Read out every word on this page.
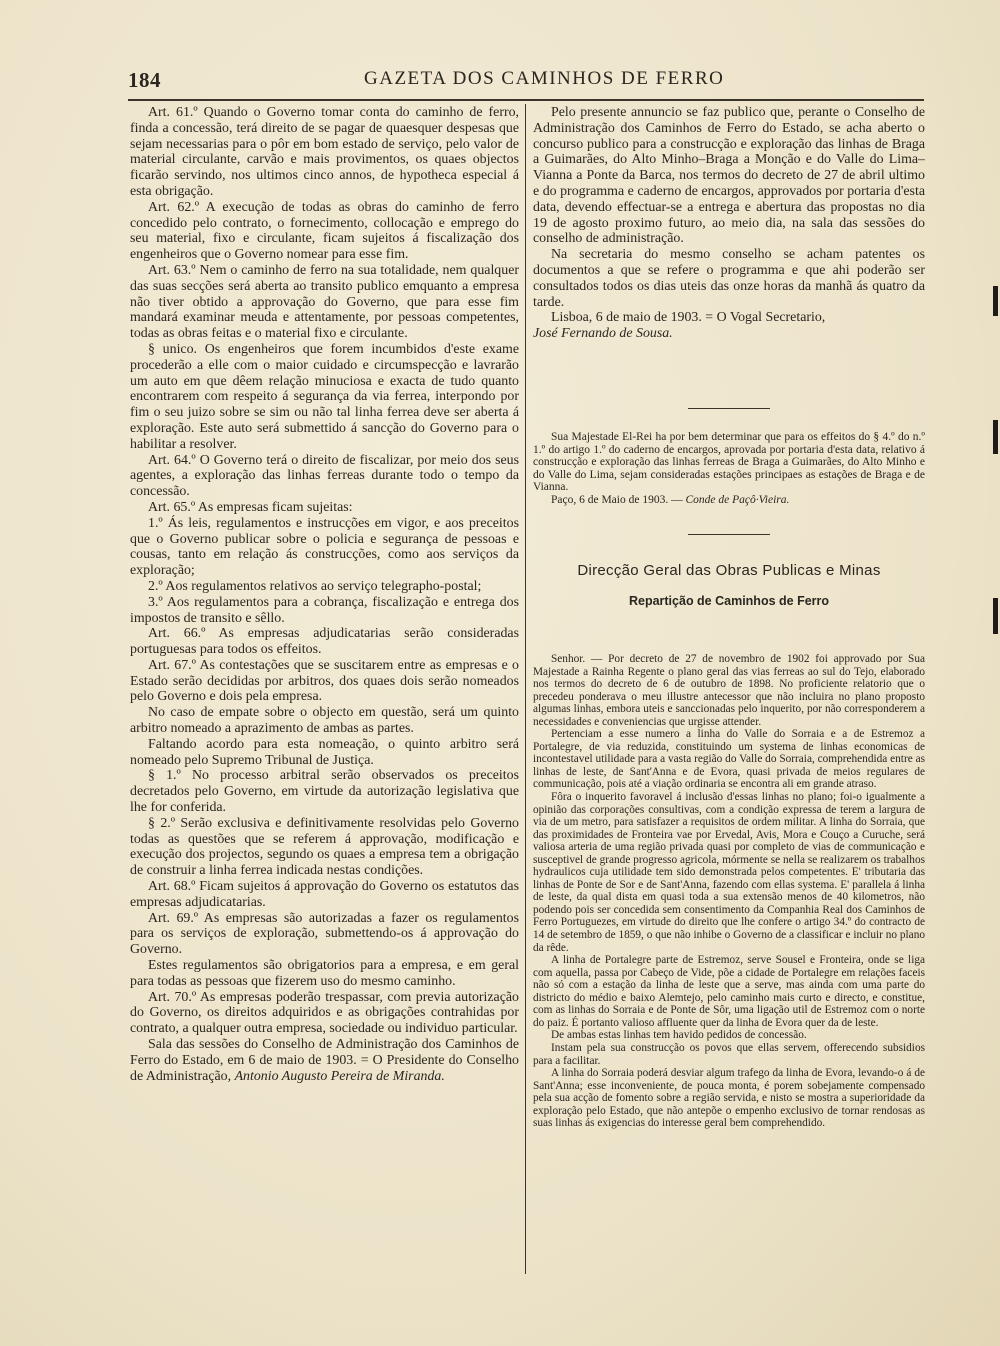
184	GAZETA DOS CAMINHOS DE FERRO

Art. 61.º Quando o Governo tomar conta do caminho de ferro, finda a concessão, terá direito de se pagar de quaesquer despesas que sejam necessarias para o pôr em bom estado de serviço, pelo valor de material circulante, carvão e mais provimentos, os quaes objectos ficarão servindo, nos ultimos cinco annos, de hypotheca especial á esta obrigação.

Art. 62.º A execução de todas as obras do caminho de ferro concedido pelo contrato, o fornecimento, collocação e emprego do seu material, fixo e circulante, ficam sujeitos á fiscalização dos engenheiros que o Governo nomear para esse fim.

Art. 63.º Nem o caminho de ferro na sua totalidade, nem qualquer das suas secções será aberta ao transito publico emquanto a empresa não tiver obtido a approvação do Governo, que para esse fim mandará examinar meuda e attentamente, por pessoas competentes, todas as obras feitas e o material fixo e circulante.

§ unico. Os engenheiros que forem incumbidos d'este exame procederão a elle com o maior cuidado e circumspecção e lavrarão um auto em que dêem relação minuciosa e exacta de tudo quanto encontrarem com respeito á segurança da via ferrea, interpondo por fim o seu juizo sobre se sim ou não tal linha ferrea deve ser aberta á exploração. Este auto será submettido á sancção do Governo para o habilitar a resolver.

Art. 64.º O Governo terá o direito de fiscalizar, por meio dos seus agentes, a exploração das linhas ferreas durante todo o tempo da concessão.

Art. 65.º As empresas ficam sujeitas:

1.º Ás leis, regulamentos e instrucções em vigor, e aos preceitos que o Governo publicar sobre o policia e segurança de pessoas e cousas, tanto em relação ás construcções, como aos serviços da exploração;

2.º Aos regulamentos relativos ao serviço telegrapho-postal;

3.º Aos regulamentos para a cobrança, fiscalização e entrega dos impostos de transito e sêllo.

Art. 66.º As empresas adjudicatarias serão consideradas portuguesas para todos os effeitos.

Art. 67.º As contestações que se suscitarem entre as empresas e o Estado serão decididas por arbitros, dos quaes dois serão nomeados pelo Governo e dois pela empresa.

No caso de empate sobre o objecto em questão, será um quinto arbitro nomeado a aprazimento de ambas as partes.

Faltando acordo para esta nomeação, o quinto arbitro será nomeado pelo Supremo Tribunal de Justiça.

§ 1.º No processo arbitral serão observados os preceitos decretados pelo Governo, em virtude da autorização legislativa que lhe for conferida.

§ 2.º Serão exclusiva e definitivamente resolvidas pelo Governo todas as questões que se referem á approvação, modificação e execução dos projectos, segundo os quaes a empresa tem a obrigação de construir a linha ferrea indicada nestas condições.

Art. 68.º Ficam sujeitos á approvação do Governo os estatutos das empresas adjudicatarias.

Art. 69.º As empresas são autorizadas a fazer os regulamentos para os serviços de exploração, submettendo-os á approvação do Governo.

Estes regulamentos são obrigatorios para a empresa, e em geral para todas as pessoas que fizerem uso do mesmo caminho.

Art. 70.º As empresas poderão trespassar, com previa autorização do Governo, os direitos adquiridos e as obrigações contrahidas por contrato, a qualquer outra empresa, sociedade ou individuo particular.

Sala das sessões do Conselho de Administração dos Caminhos de Ferro do Estado, em 6 de maio de 1903. = O Presidente do Conselho de Administração, Antonio Augusto Pereira de Miranda.

Pelo presente annuncio se faz publico que, perante o Conselho de Administração dos Caminhos de Ferro do Estado, se acha aberto o concurso publico para a construcção e exploração das linhas de Braga a Guimarães, do Alto Minho–Braga a Monção e do Valle do Lima–Vianna a Ponte da Barca, nos termos do decreto de 27 de abril ultimo e do programma e caderno de encargos, approvados por portaria d'esta data, devendo effectuar-se a entrega e abertura das propostas no dia 19 de agosto proximo futuro, ao meio dia, na sala das sessões do conselho de administração.

Na secretaria do mesmo conselho se acham patentes os documentos a que se refere o programma e que ahi poderão ser consultados todos os dias uteis das onze horas da manhã ás quatro da tarde.

Lisboa, 6 de maio de 1903. = O Vogal Secretario,

José Fernando de Sousa.

Sua Majestade El-Rei ha por bem determinar que para os effeitos do § 4.º do n.º 1.º do artigo 1.º do caderno de encargos, aprovada por portaria d'esta data, relativo á construcção e exploração das linhas ferreas de Braga a Guimarães, do Alto Minho e do Valle do Lima, sejam consideradas estações principaes as estações de Braga e de Vianna.

Paço, 6 de Maio de 1903. — Conde de Paçô·Vieira.

Direcção Geral das Obras Publicas e Minas
Repartição de Caminhos de Ferro

Senhor. — Por decreto de 27 de novembro de 1902 foi approvado por Sua Majestade a Rainha Regente o plano geral das vias ferreas ao sul do Tejo, elaborado nos termos do decreto de 6 de outubro de 1898. No proficiente relatorio que o precedeu ponderava o meu illustre antecessor que não incluira no plano proposto algumas linhas, embora uteis e sanccionadas pelo inquerito, por não corresponderem a necessidades e conveniencias que urgisse attender.

Pertenciam a esse numero a linha do Valle do Sorraia e a de Estremoz a Portalegre, de via reduzida, constituindo um systema de linhas economicas de incontestavel utilidade para a vasta região do Valle do Sorraia, comprehendida entre as linhas de leste, de Sant'Anna e de Evora, quasi privada de meios regulares de communicação, pois até a viação ordinaria se encontra ali em grande atraso.

Fôra o inquerito favoravel á inclusão d'essas linhas no plano; foi-o igualmente a opinião das corporações consultivas, com a condição expressa de terem a largura de via de um metro, para satisfazer a requisitos de ordem militar. A linha do Sorraia, que das proximidades de Fronteira vae por Ervedal, Avis, Mora e Couço a Curuche, será valiosa arteria de uma região privada quasi por completo de vias de communicação e susceptivel de grande progresso agricola, mórmente se nella se realizarem os trabalhos hydraulicos cuja utilidade tem sido demonstrada pelos competentes. E' tributaria das linhas de Ponte de Sor e de Sant'Anna, fazendo com ellas systema. E' parallela á linha de leste, da qual dista em quasi toda a sua extensão menos de 40 kilometros, não podendo pois ser concedida sem consentimento da Companhia Real dos Caminhos de Ferro Portuguezes, em virtude do direito que lhe confere o artigo 34.º do contracto de 14 de setembro de 1859, o que não inhibe o Governo de a classificar e incluir no plano da rêde.

A linha de Portalegre parte de Estremoz, serve Sousel e Fronteira, onde se liga com aquella, passa por Cabeço de Vide, põe a cidade de Portalegre em relações faceis não só com a estação da linha de leste que a serve, mas ainda com uma parte do districto do médio e baixo Alemtejo, pelo caminho mais curto e directo, e constitue, com as linhas do Sorraia e de Ponte de Sôr, uma ligação util de Estremoz com o norte do paiz. É portanto valioso affluente quer da linha de Evora quer da de leste.

De ambas estas linhas tem havido pedidos de concessão.

Instam pela sua construcção os povos que ellas servem, offerecendo subsidios para a facilitar.

A linha do Sorraia poderá desviar algum trafego da linha de Evora, levando-o á de Sant'Anna; esse inconveniente, de pouca monta, é porem sobejamente compensado pela sua acção de fomento sobre a região servida, e nisto se mostra a superioridade da exploração pelo Estado, que não antepõe o empenho exclusivo de tornar rendosas as suas linhas ás exigencias do interesse geral bem comprehendido.
